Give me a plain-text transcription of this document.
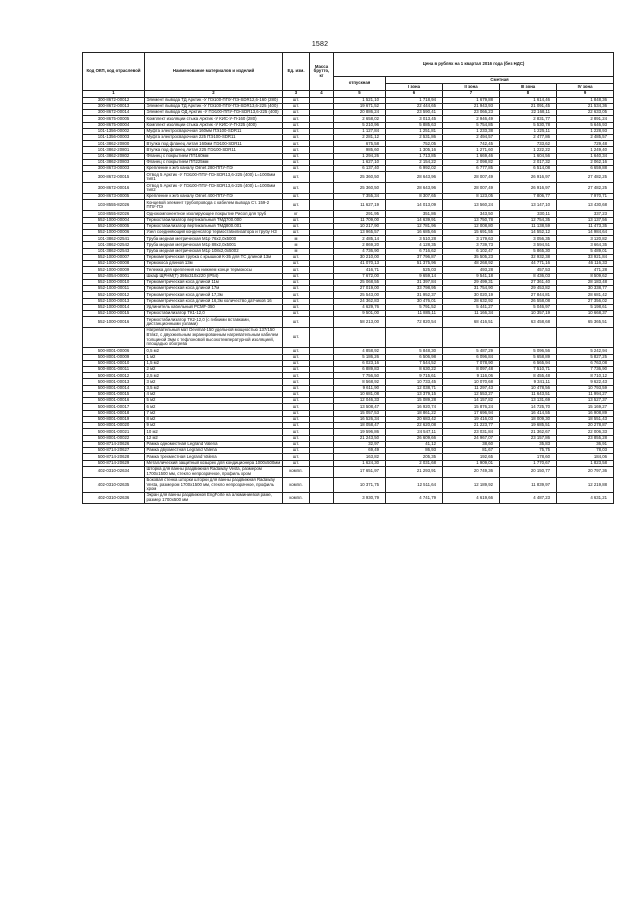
1582
Код ОКП, код отраслевой	Наименование материалов и изделий	Ед. изм.	Масса брутто, кг	Цена в рублях на 1 квартал 2016 года (без НДС)				
				отпускная	Сметная			
					I зона	II зона	III зона	IV зона
1	2	3	4	5	6	7	8	9
300-8672-00012	Элемент вывода ТД Арктик -У ПЭ100-ППУ-ПЭ-SDR12,6-160 (280)	шт.		1 521,10	1 718,94	1 679,88	1 614,46	1 848,36
300-8672-00013	Элемент вывода ТД Арктик -У ПЭ100-ППУ-ПЭ-SDR13,6-225 (400)	шт.		19 671,52	22 444,65	21 943,93	21 091,45	21 534,36
300-8672-00014	Элемент вывода ОД Арктик -У ПЭ100-ППУ-ПЭ-SDR13,6-225 (400)	шт.		20 886,24	23 590,41	23 066,23	22 168,11	22 633,05
300-8675-00005	Комплект изоляции стыка Арктик -У КИС-У-П-160 (280)	шт.		2 658,02	3 013,45	2 946,49	2 831,77	2 891,24
300-8675-00004	Комплект изоляции стыка Арктик -У КИС-У-П-225 (400)	шт.		5 210,96	5 885,63	5 754,85	5 530,78	5 646,93
101-1356-00002	Муфта электросварочная 160мм ПЭ100-SDR11	шт.		1 127,84	1 251,81	1 233,38	1 225,11	1 228,93
101-1356-00003	Муфта электросварочная 225 ПЭ100-SDR11	шт.		2 281,12	2 531,86	2 494,57	2 477,86	2 485,57
101-3862-20800	Втулка под фланец литая 160мм ПЭ100-SDR11	шт.		675,58	752,05	742,45	733,62	729,48
101-3862-20801	Втулка под фланец литая 225 ПЭ100-SDR11	шт.		985,60	1 305,16	1 271,60	1 222,22	1 249,40
101-3862-20802	Фланец с покрытием ПП160мм	шт.		1 294,26	1 713,85	1 669,46	1 604,56	1 640,34
101-3862-20803	Фланец с покрытием ПП225мм	шт.		1 627,10	2 154,22	2 098,82	2 017,32	2 062,16
300-8673-00003	Крепление к ж/б каналу Oilnet 280-ППУ-ПЭ	шт.		6 137,40	6 992,02	6 777,85	6 514,08	6 659,88
300-8672-00015	Отвод 5 Арктик -У ПЭ100-ППУ-ПЭ-SDR13,6-225 (400) L=1000мм тип1	шт.		25 360,50	28 643,96	28 007,49	26 916,97	27 482,25
300-8672-00016	Отвод 5 Арктик -У ПЭ100-ППУ-ПЭ-SDR13,6-225 (400) L=1000мм тип2	шт.		25 360,50	28 643,96	28 007,49	26 916,97	27 482,25
300-8673-00005	Крепление к ж/б каналу Oilnet 400-ППУ-ПЭ	шт.		7 355,34	8 307,65	8 123,05	7 806,77	7 970,71
103-8555-82026	Концевой элемент трубопровода с кабелем вывода Ст. 159-2 ППУ-ПЭ	шт.		11 627,19	14 013,09	13 560,24	13 147,10	13 430,68
103-8555-82026	Однокомпонентное изолирующее покрытие Рисол для труб	кг		291,95	351,86	343,50	330,11	337,23
552-1000-00004	Термостабилизатор вертикальный ТМД700.000	шт.		11 709,00	14 639,91	13 750,78	12 754,35	13 137,56
552-1000-00005	Термостабилизатор вертикальный ТМД800.001	шт.		10 217,90	12 781,96	12 008,80	11 138,59	11 473,35
552-1000-00006	Узел соединяющий конденсатор термостабилизатора и трубу НЗ	шт.		13 965,57	16 685,66	15 691,55	14 552,12	14 984,64
101-3862-02541	Труба медная метрическая М1р 76х2,0х5000	м		2 485,14	3 510,28	3 179,63	3 056,35	3 120,82
101-3862-02542	Труба медная метрическая М1р 89х2,0х5001	м		2 869,20	4 128,35	3 739,73	3 594,51	3 664,35
101-3862-02543	Труба медная метрическая М1р 108х2,0х5002	м		4 736,90	6 716,62	6 102,47	5 865,30	5 489,01
552-1000-00007	Термометрическая трубка с крышкой К-35 для ТС длиной 13м	шт.		30 210,00	37 796,87	35 505,23	32 932,38	33 921,84
552-1000-00008	Термокоса длиной 13м	шт.		41 070,13	51 375,96	48 268,92	44 771,16	46 116,33
552-1000-00009	Тележка для крепления на нижнем конце термокосы	шт.		416,71	525,03	493,28	457,53	471,28
552-4054-00001	Шкаф ЩРНМ(Т) 395х310х220 (IP54)	шт.		7 672,00	9 659,14	9 541,18	8 436,03	8 509,62
552-1000-00010	Термометрическая коса длиной 11м	шт.		25 068,55	31 397,84	29 499,31	27 361,40	28 183,48
552-1000-00011	Термометрическая коса длиной 17м	шт.		27 019,00	33 798,95	31 754,90	29 453,82	30 338,77
552-1000-00012	Термометрическая коса длиной 17,3м	шт.		25 543,00	31 952,37	30 020,19	27 844,81	28 681,42
552-1000-00013	Термометрическая коса длиной 16,3м количество датчиков 16	шт.		24 362,83	30 476,01	28 632,92	26 558,08	27 356,02
552-1000-00014	Удлинитель кабельный PCMF-350	шт.		4 629,76	5 791,52	5 441,27	5 046,97	5 198,61
552-1000-00015	Термостабилизатор ТК1-12,0	шт.		9 501,00	11 885,11	11 166,34	10 357,19	10 668,37
552-1000-00016	Термостабилизатор ТК2-12,0 (с гибкими вставками, дистанционными узлами)	шт.		58 213,00	72 820,54	68 416,51	63 458,68	65 365,51
	Нагревательный мат Devimat-150 удельной мощностью 137/150 Вт/м2, с двухжильным экранированным нагревательным кабелем толщиной 3мм с тефлоновой высокотемпературной изоляцией, площадью обогрева	шт.						
500-8001-00006	0,5 м2	шт.		4 858,92	5 848,30	5 487,29	5 096,56	5 242,94
500-8001-00009	1 м2	шт.		5 186,26	6 506,98	6 096,84	5 658,89	5 827,25
500-8001-00010	1,5 м2	шт.		6 023,16	7 544,52	7 078,90	6 565,94	6 763,08
500-8001-00011	2 м2	шт.		6 889,83	8 630,22	8 097,48	7 510,71	7 736,90
500-8001-00012	2,5 м2	шт.		7 756,50	9 715,61	9 116,06	8 455,48	8 710,12
500-8001-00013	3 м2	шт.		8 568,92	10 733,45	10 070,68	9 341,11	9 622,43
500-8001-00014	3,5 м2	шт.		9 611,90	12 038,71	11 297,43	10 478,56	10 793,59
500-8001-00015	4 м2	шт.		10 681,08	13 379,15	12 553,27	11 643,51	11 994,27
500-8001-00016	5 м2	шт.		12 046,33	15 089,28	14 157,82	13 131,69	13 527,37
500-8001-00017	6 м2	шт.		13 508,47	16 920,74	15 876,24	14 725,70	15 169,27
500-8001-00018	7 м2	шт.		15 057,53	18 861,22	17 696,94	16 414,55	16 908,89
500-8001-00019	8 м2	шт.		16 526,34	20 683,42	19 416,03	18 009,30	18 551,43
500-8001-00020	9 м2	шт.		18 058,47	22 620,08	21 223,77	19 685,51	20 278,87
500-8001-00021	10 м2	шт.		19 596,86	24 547,11	23 031,84	21 362,67	22 006,33
500-8001-00022	12 м2	шт.		21 243,50	26 609,66	24 967,07	23 157,86	23 855,28
500-8714-20626	Рамка одноместная Legrand Valena	шт.		32,97	41,12	38,60	35,83	36,91
500-8714-20627	Рамка двухместная Legrand Valena	шт.		69,49	86,93	81,67	75,75	78,03
500-8714-20628	Рамка трехместная Legrand Valena	шт.		163,82	205,35	192,65	178,60	184,06
500-8714-20629	Металлический защитный козырек для кондиционера 1000х500мм	шт.		1 624,30	2 031,68	1 909,01	1 770,67	1 823,58
402-0310-02634	Шторка для ванны раздвижная Radaway Vesta, размером 1700х1500 мм, стекло непрозрачное, профиль хром	компл.		17 651,97	21 293,91	20 749,36	20 150,77	20 797,36
402-0310-02635	Боковая стенка шторки шторки для ванны раздвижная Radaway Vesta, размером 1700х1500 мм, стекло непрозрачное, профиль хром	компл.		10 371,75	12 511,64	12 189,92	11 839,97	12 219,88
402-0310-02636	Экран для ванны раздвижной EngForte на алюминиевой раме, размер 1700х500 мм	компл.		3 930,79	4 741,79	4 619,66	4 487,23	4 631,21
